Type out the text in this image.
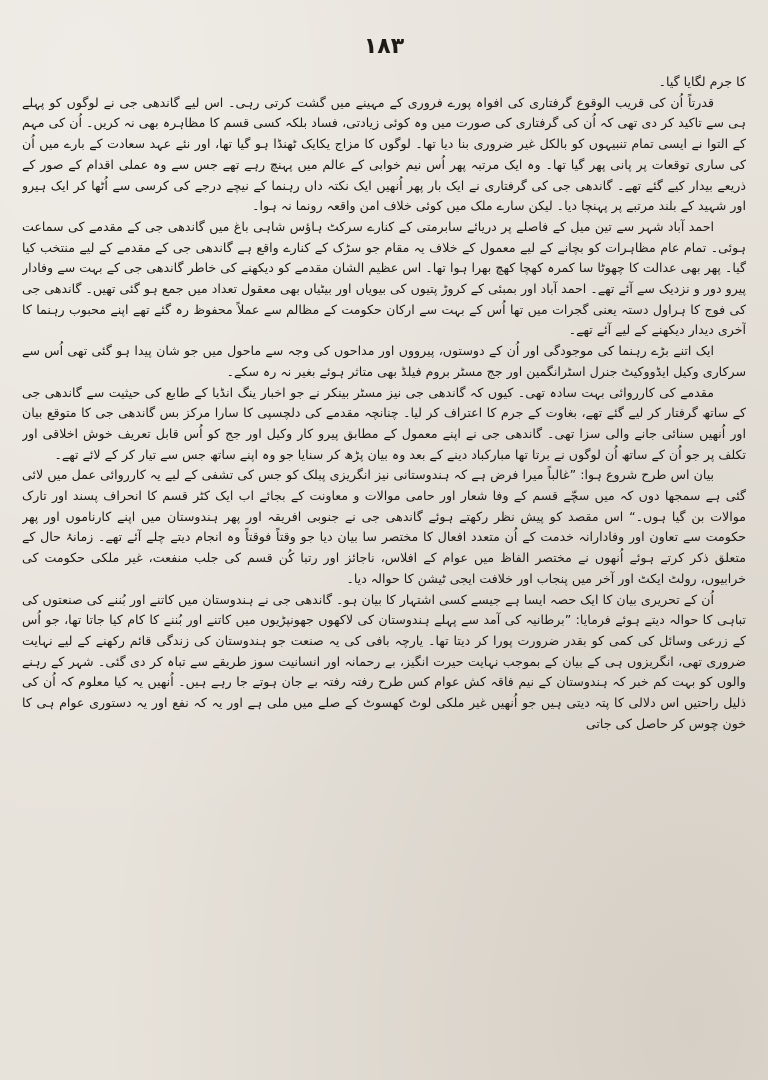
۱۸۳

کا جرم لگایا گیا۔

قدرتاً اُن کی قریب الوقوع گرفتاری کی افواہ پورے فروری کے مہینے میں گشت کرتی رہی۔ اس لیے گاندھی جی نے لوگوں کو پہلے ہی سے تاکید کر دی تھی کہ اُن کی گرفتاری کی صورت میں وہ کوئی زیادتی، فساد بلکہ کسی قسم کا مظاہرہ بھی نہ کریں۔ اُن کی مہم کے التوا نے ایسی تمام تنبیہوں کو بالکل غیر ضروری بنا دیا تھا۔ لوگوں کا مزاج یکایک ٹھنڈا ہو گیا تھا، اور نئے عہد سعادت کے بارے میں اُن کی ساری توقعات پر پانی پھر گیا تھا۔ وہ ایک مرتبہ پھر اُس نیم خوابی کے عالم میں پہنچ رہے تھے جس سے وہ عملی اقدام کے صور کے ذریعے بیدار کیے گئے تھے۔ گاندھی جی کی گرفتاری نے ایک بار پھر اُنھیں ایک نکتہ داں رہنما کے نیچے درجے کی کرسی سے اُٹھا کر ایک ہیرو اور شہید کے بلند مرتبے پر پہنچا دیا۔ لیکن سارے ملک میں کوئی خلاف امن واقعہ رونما نہ ہوا۔

احمد آباد شہر سے تین میل کے فاصلے پر دریائے سابرمتی کے کنارے سرکٹ ہاؤس شاہی باغ میں گاندھی جی کے مقدمے کی سماعت ہوئی۔ تمام عام مظاہرات کو بچانے کے لیے معمول کے خلاف یہ مقام جو سڑک کے کنارے واقع ہے گاندھی جی کے مقدمے کے لیے منتخب کیا گیا۔ پھر بھی عدالت کا چھوٹا سا کمرہ کھچا کھچ بھرا ہوا تھا۔ اس عظیم الشان مقدمے کو دیکھنے کی خاطر گاندھی جی کے بہت سے وفادار پیرو دور و نزدیک سے آئے تھے۔ احمد آباد اور بمبئی کے کروڑ پتیوں کی بیویاں اور بیٹیاں بھی معقول تعداد میں جمع ہو گئی تھیں۔ گاندھی جی کی فوج کا ہراول دستہ یعنی گجرات میں تھا اُس کے بہت سے ارکان حکومت کے مظالم سے عملاً محفوظ رہ گئے تھے اپنے محبوب رہنما کا آخری دیدار دیکھنے کے لیے آئے تھے۔

ایک اتنے بڑے رہنما کی موجودگی اور اُن کے دوستوں، پیرووں اور مداحوں کی وجہ سے ماحول میں جو شان پیدا ہو گئی تھی اُس سے سرکاری وکیل ایڈووکیٹ جنرل اسٹرانگمین اور جج مسٹر بروم فیلڈ بھی متاثر ہوئے بغیر نہ رہ سکے۔

مقدمے کی کارروائی بہت سادہ تھی۔ کیوں کہ گاندھی جی نیز مسٹر بینکر نے جو اخبار ینگ انڈیا کے طابع کی حیثیت سے گاندھی جی کے ساتھ گرفتار کر لیے گئے تھے، بغاوت کے جرم کا اعتراف کر لیا۔ چنانچہ مقدمے کی دلچسپی کا سارا مرکز بس گاندھی جی کا متوقع بیان اور اُنھیں سنائی جانے والی سزا تھی۔ گاندھی جی نے اپنے معمول کے مطابق پیرو کار وکیل اور جج کو اُس قابل تعریف خوش اخلاقی اور تکلف پر جو اُن کے ساتھ اُن لوگوں نے برتا تھا مبارکباد دینے کے بعد وہ بیان پڑھ کر سنایا جو وہ اپنے ساتھ جس سے تیار کر کے لائے تھے۔

بیان اس طرح شروع ہوا: ”غالباً میرا فرض ہے کہ ہندوستانی نیز انگریزی پبلک کو جس کی تشفی کے لیے یہ کارروائی عمل میں لائی گئی ہے سمجھا دوں کہ میں سچّے قسم کے وفا شعار اور حامی موالات و معاونت کے بجائے اب ایک کٹر قسم کا انحراف پسند اور تارک موالات بن گیا ہوں۔“ اس مقصد کو پیش نظر رکھتے ہوئے گاندھی جی نے جنوبی افریقہ اور پھر ہندوستان میں اپنے کارناموں اور پھر حکومت سے تعاون اور وفادارانہ خدمت کے اُن متعدد افعال کا مختصر سا بیان دیا جو وقتاً فوقتاً وہ انجام دیتے چلے آئے تھے۔ زمانۂ حال کے متعلق ذکر کرتے ہوئے اُنھوں نے مختصر الفاظ میں عوام کے افلاس، ناجائز اور رتبا کُن قسم کی جلب منفعت، غیر ملکی حکومت کی خرابیوں، رولٹ ایکٹ اور آخر میں پنجاب اور خلافت ایجی ٹیشن کا حوالہ دیا۔

اُن کے تحریری بیان کا ایک حصہ ایسا ہے جیسے کسی اشتہار کا بیان ہو۔ گاندھی جی نے ہندوستان میں کاتنے اور بُننے کی صنعتوں کی تباہی کا حوالہ دیتے ہوئے فرمایا: ”برطانیہ کی آمد سے پہلے ہندوستان کی لاکھوں جھونپڑیوں میں کاتنے اور بُننے کا کام کیا جاتا تھا، جو اُس کے زرعی وسائل کی کمی کو بقدر ضرورت پورا کر دیتا تھا۔ یارچہ بافی کی یہ صنعت جو ہندوستان کی زندگی قائم رکھنے کے لیے نہایت ضروری تھی، انگریزوں ہی کے بیان کے بموجب نہایت حیرت انگیز، بے رحمانہ اور انسانیت سوز طریقے سے تباہ کر دی گئی۔ شہر کے رہنے والوں کو بہت کم خبر کہ ہندوستان کے نیم فاقہ کش عوام کس طرح رفتہ رفتہ بے جان ہوتے جا رہے ہیں۔ اُنھیں یہ کیا معلوم کہ اُن کی ذلیل راحتیں اس دلالی کا پتہ دیتی ہیں جو اُنھیں غیر ملکی لوٹ کھسوٹ کے صلے میں ملی ہے اور یہ کہ نفع اور یہ دستوری عوام ہی کا خون چوس کر حاصل کی جاتی
